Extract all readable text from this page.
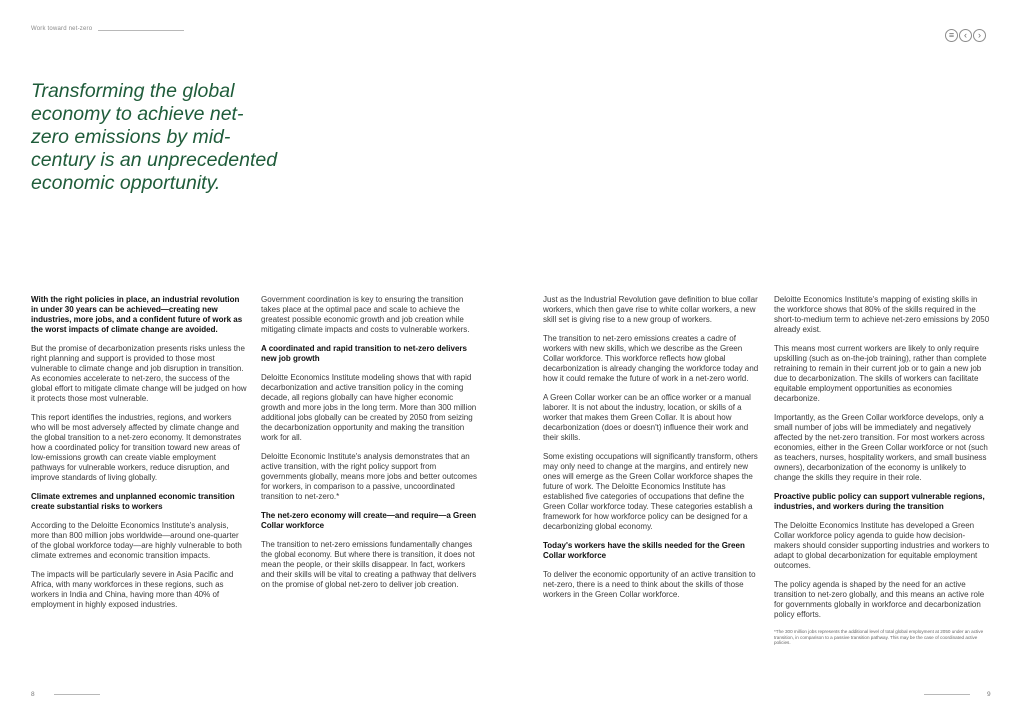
Work toward net-zero
≡	‹	›
Transforming the global economy to achieve net-zero emissions by mid-century is an unprecedented economic opportunity.

With the right policies in place, an industrial revolution in under 30 years can be achieved—creating new industries, more jobs, and a confident future of work as the worst impacts of climate change are avoided.

But the promise of decarbonization presents risks unless the right planning and support is provided to those most vulnerable to climate change and job disruption in transition. As economies accelerate to net-zero, the success of the global effort to mitigate climate change will be judged on how it protects those most vulnerable.

This report identifies the industries, regions, and workers who will be most adversely affected by climate change and the global transition to a net-zero economy. It demonstrates how a coordinated policy for transition toward new areas of low-emissions growth can create viable employment pathways for vulnerable workers, reduce disruption, and improve standards of living globally.

Climate extremes and unplanned economic transition create substantial risks to workers

According to the Deloitte Economics Institute's analysis, more than 800 million jobs worldwide—around one-quarter of the global workforce today—are highly vulnerable to both climate extremes and economic transition impacts.

The impacts will be particularly severe in Asia Pacific and Africa, with many workforces in these regions, such as workers in India and China, having more than 40% of employment in highly exposed industries.

Government coordination is key to ensuring the transition takes place at the optimal pace and scale to achieve the greatest possible economic growth and job creation while mitigating climate impacts and costs to vulnerable workers.

A coordinated and rapid transition to net-zero delivers new job growth

Deloitte Economics Institute modeling shows that with rapid decarbonization and active transition policy in the coming decade, all regions globally can have higher economic growth and more jobs in the long term. More than 300 million additional jobs globally can be created by 2050 from seizing the decarbonization opportunity and making the transition work for all.

Deloitte Economic Institute's analysis demonstrates that an active transition, with the right policy support from governments globally, means more jobs and better outcomes for workers, in comparison to a passive, uncoordinated transition to net-zero.*

The net-zero economy will create—and require—a Green Collar workforce

The transition to net-zero emissions fundamentally changes the global economy. But where there is transition, it does not mean the people, or their skills disappear. In fact, workers and their skills will be vital to creating a pathway that delivers on the promise of global net-zero to deliver job creation.

Just as the Industrial Revolution gave definition to blue collar workers, which then gave rise to white collar workers, a new skill set is giving rise to a new group of workers.

The transition to net-zero emissions creates a cadre of workers with new skills, which we describe as the Green Collar workforce. This workforce reflects how global decarbonization is already changing the workforce today and how it could remake the future of work in a net-zero world.

A Green Collar worker can be an office worker or a manual laborer. It is not about the industry, location, or skills of a worker that makes them Green Collar. It is about how decarbonization (does or doesn't) influence their work and their skills.

Some existing occupations will significantly transform, others may only need to change at the margins, and entirely new ones will emerge as the Green Collar workforce shapes the future of work. The Deloitte Economics Institute has established five categories of occupations that define the Green Collar workforce today. These categories establish a framework for how workforce policy can be designed for a decarbonizing global economy.

Today's workers have the skills needed for the Green Collar workforce

To deliver the economic opportunity of an active transition to net-zero, there is a need to think about the skills of those workers in the Green Collar workforce.

Deloitte Economics Institute's mapping of existing skills in the workforce shows that 80% of the skills required in the short-to-medium term to achieve net-zero emissions by 2050 already exist.

This means most current workers are likely to only require upskilling (such as on-the-job training), rather than complete retraining to remain in their current job or to gain a new job due to decarbonization. The skills of workers can facilitate equitable employment opportunities as economies decarbonize.

Importantly, as the Green Collar workforce develops, only a small number of jobs will be immediately and negatively affected by the net-zero transition. For most workers across economies, either in the Green Collar workforce or not (such as teachers, nurses, hospitality workers, and small business owners), decarbonization of the economy is unlikely to change the skills they require in their role.

Proactive public policy can support vulnerable regions, industries, and workers during the transition

The Deloitte Economics Institute has developed a Green Collar workforce policy agenda to guide how decision-makers should consider supporting industries and workers to adapt to global decarbonization for equitable employment outcomes.

The policy agenda is shaped by the need for an active transition to net-zero globally, and this means an active role for governments globally in workforce and decarbonization policy efforts.

*The 300 million jobs represents the additional level of total global employment at 2050 under an active transition, in comparison to a passive transition pathway. This may be the case of coordinated active policies.

8	9
